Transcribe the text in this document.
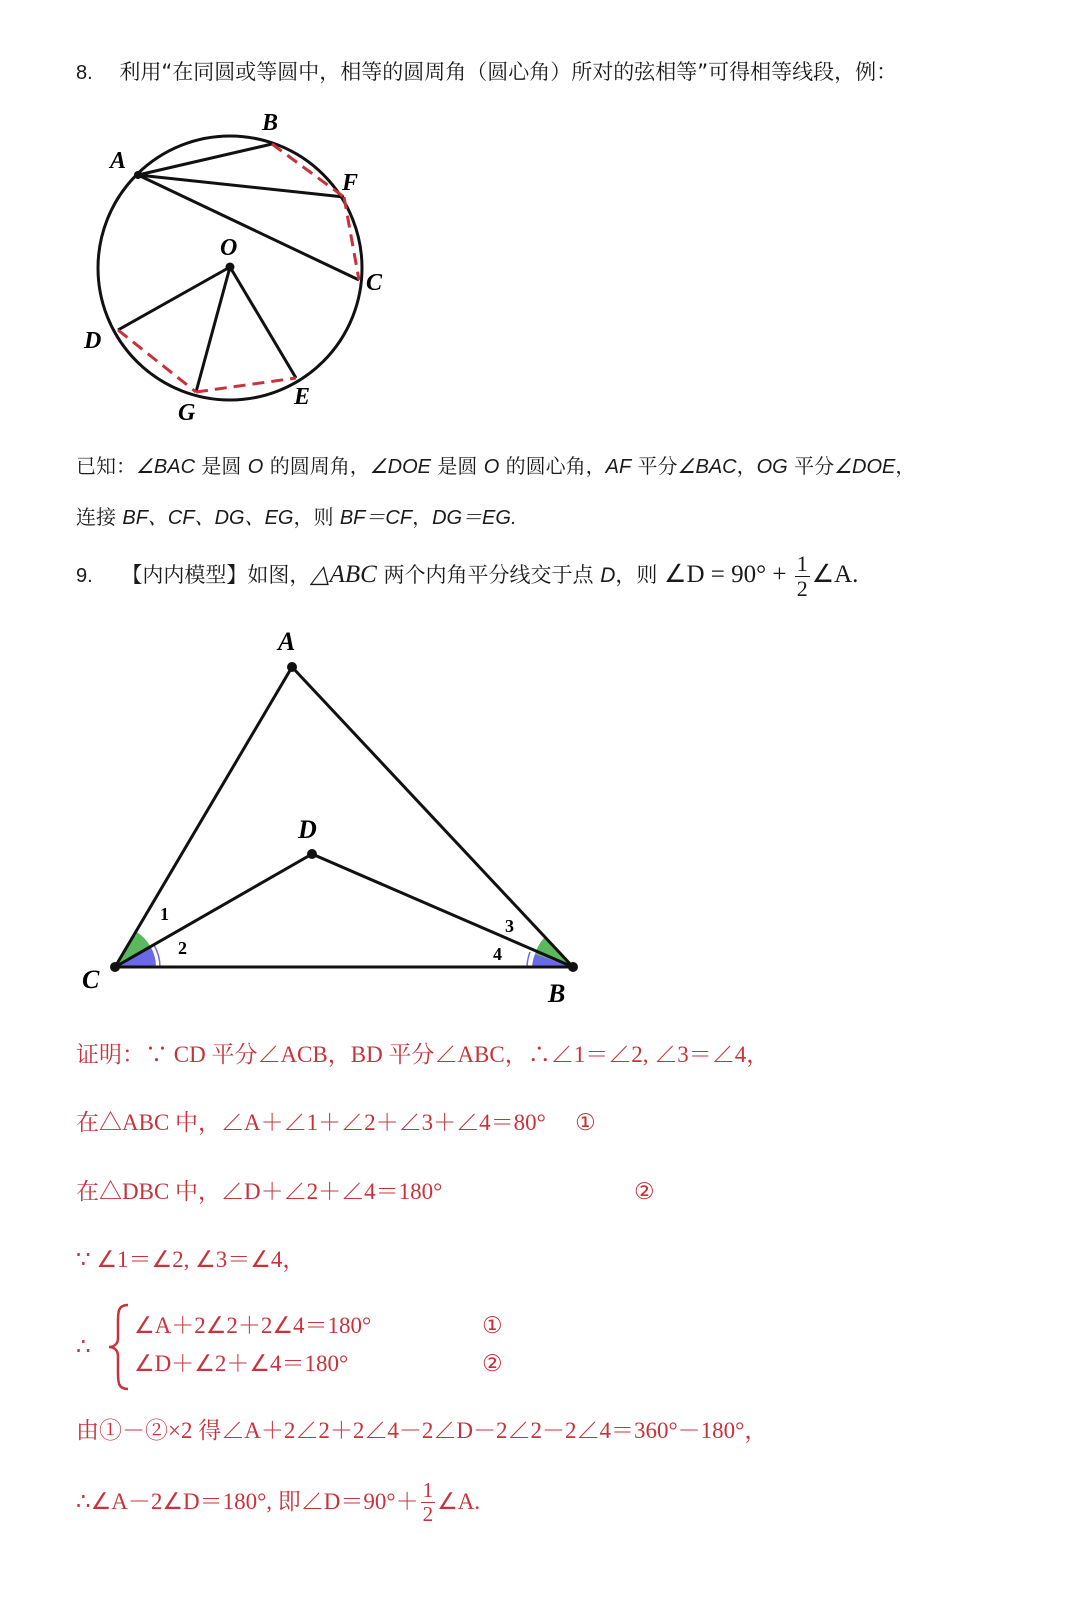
8. 利用“在同圆或等圆中，相等的圆周角（圆心角）所对的弦相等”可得相等线段，例：
B
A
F
O
C
D
E
G
已知：∠BAC 是圆 O 的圆周角，∠DOE 是圆 O 的圆心角，AF 平分∠BAC，OG 平分∠DOE，
连接 BF、CF、DG、EG，则 BF＝CF，DG＝EG.
9. 【内内模型】如图，△ABC 两个内角平分线交于点 D，则 ∠D = $90^\circ + \frac{1}{2}$ ∠A.
A
D
C	B
1
2
3
4
证明：∵ CD 平分∠ACB，BD 平分∠ABC，∴∠1＝∠2, ∠3＝∠4，
在△ABC 中，∠A＋∠1＋∠2＋∠3＋∠4＝80° ①
在△DBC 中，∠D＋∠2＋∠4＝180°	②
∵ ∠1＝∠2, ∠3＝∠4，
∴
∠A＋2∠2＋2∠4＝180°	①
∠D＋∠2＋∠4＝180°	②
由①－②×2 得∠A＋2∠2＋2∠4－2∠D－2∠2－2∠4＝360°－180°，
∴∠A－2∠D＝180°, 即∠D＝90°＋ $\frac{1}{2}$ ∠A.
